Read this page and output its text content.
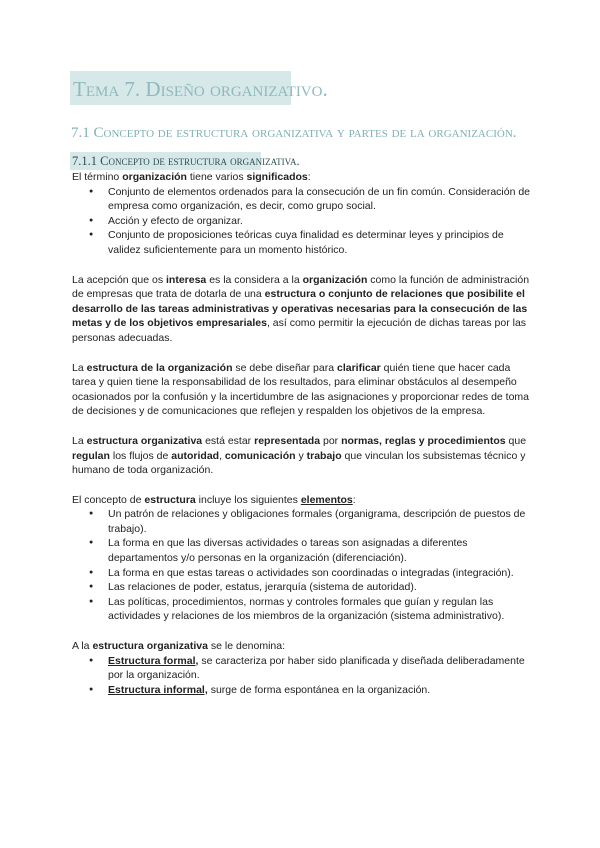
Tema 7. Diseño organizativo.
7.1 Concepto de estructura organizativa y partes de la organización.
7.1.1 Concepto de estructura organizativa.

El término organización tiene varios significados:

● Conjunto de elementos ordenados para la consecución de un fin común. Consideración de empresa como organización, es decir, como grupo social.
● Acción y efecto de organizar.
● Conjunto de proposiciones teóricas cuya finalidad es determinar leyes y principios de validez suficientemente para un momento histórico.

La acepción que os interesa es la considera a la organización como la función de administración de empresas que trata de dotarla de una estructura o conjunto de relaciones que posibilite el desarrollo de las tareas administrativas y operativas necesarias para la consecución de las metas y de los objetivos empresariales, así como permitir la ejecución de dichas tareas por las personas adecuadas.

La estructura de la organización se debe diseñar para clarificar quién tiene que hacer cada tarea y quien tiene la responsabilidad de los resultados, para eliminar obstáculos al desempeño ocasionados por la confusión y la incertidumbre de las asignaciones y proporcionar redes de toma de decisiones y de comunicaciones que reflejen y respalden los objetivos de la empresa.

La estructura organizativa está estar representada por normas, reglas y procedimientos que regulan los flujos de autoridad, comunicación y trabajo que vinculan los subsistemas técnico y humano de toda organización.

El concepto de estructura incluye los siguientes elementos:

● Un patrón de relaciones y obligaciones formales (organigrama, descripción de puestos de trabajo).
● La forma en que las diversas actividades o tareas son asignadas a diferentes departamentos y/o personas en la organización (diferenciación).
● La forma en que estas tareas o actividades son coordinadas o integradas (integración).
● Las relaciones de poder, estatus, jerarquía (sistema de autoridad).
● Las políticas, procedimientos, normas y controles formales que guían y regulan las actividades y relaciones de los miembros de la organización (sistema administrativo).

A la estructura organizativa se le denomina:

● Estructura formal, se caracteriza por haber sido planificada y diseñada deliberadamente por la organización.
● Estructura informal, surge de forma espontánea en la organización.
